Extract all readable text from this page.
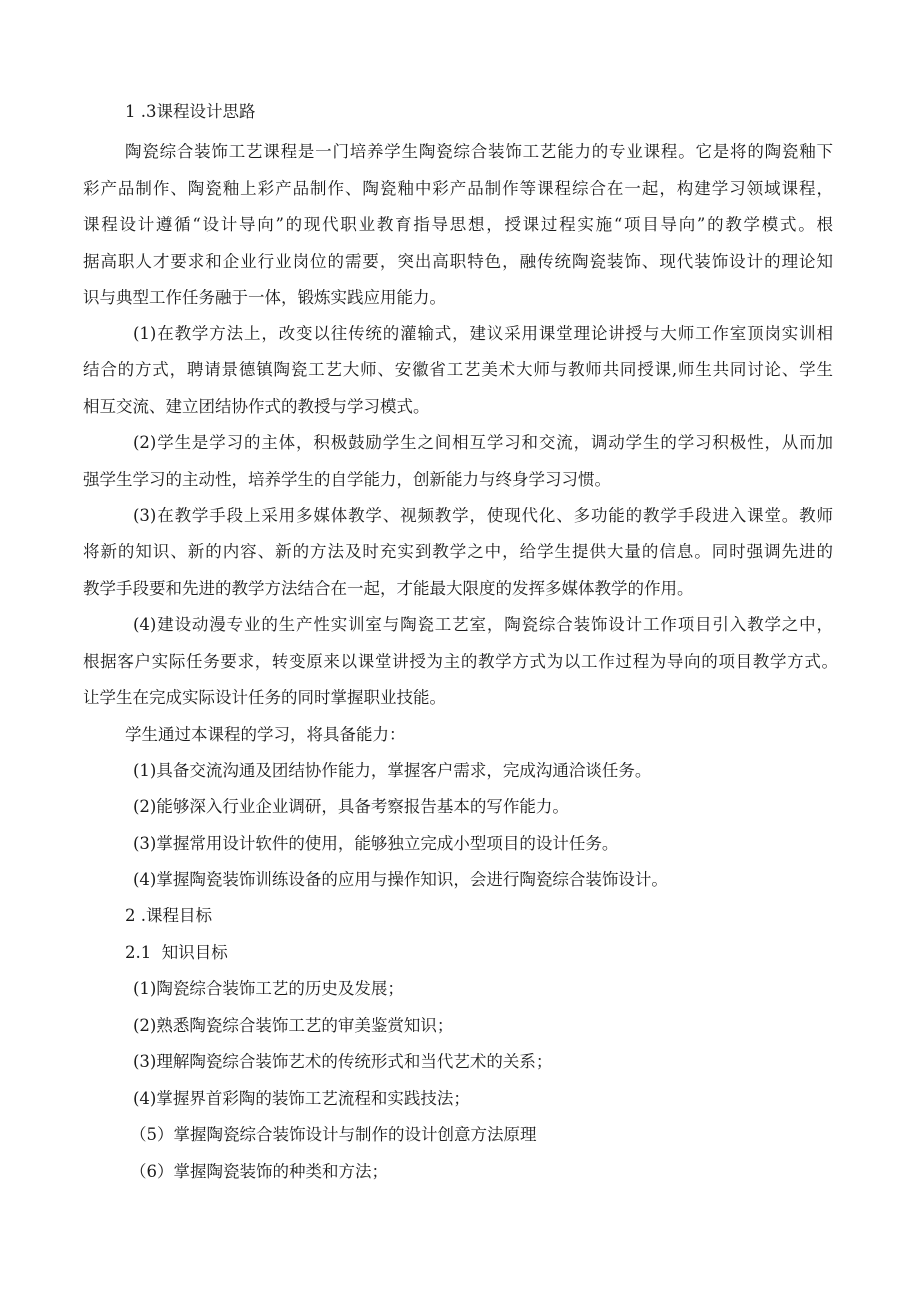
1 .3课程设计思路
陶瓷综合装饰工艺课程是一门培养学生陶瓷综合装饰工艺能力的专业课程。它是将的陶瓷釉下
彩产品制作、陶瓷釉上彩产品制作、陶瓷釉中彩产品制作等课程综合在一起，构建学习领域课程，
课程设计遵循“设计导向”的现代职业教育指导思想，授课过程实施“项目导向”的教学模式。根
据高职人才要求和企业行业岗位的需要，突出高职特色，融传统陶瓷装饰、现代装饰设计的理论知
识与典型工作任务融于一体，锻炼实践应用能力。
(1)在教学方法上，改变以往传统的灌输式，建议采用课堂理论讲授与大师工作室顶岗实训相
结合的方式，聘请景德镇陶瓷工艺大师、安徽省工艺美术大师与教师共同授课,师生共同讨论、学生
相互交流、建立团结协作式的教授与学习模式。
(2)学生是学习的主体，积极鼓励学生之间相互学习和交流，调动学生的学习积极性，从而加
强学生学习的主动性，培养学生的自学能力，创新能力与终身学习习惯。
(3)在教学手段上采用多媒体教学、视频教学，使现代化、多功能的教学手段进入课堂。教师
将新的知识、新的内容、新的方法及时充实到教学之中，给学生提供大量的信息。同时强调先进的
教学手段要和先进的教学方法结合在一起，才能最大限度的发挥多媒体教学的作用。
(4)建设动漫专业的生产性实训室与陶瓷工艺室，陶瓷综合装饰设计工作项目引入教学之中，
根据客户实际任务要求，转变原来以课堂讲授为主的教学方式为以工作过程为导向的项目教学方式。
让学生在完成实际设计任务的同时掌握职业技能。
学生通过本课程的学习，将具备能力：
(1)具备交流沟通及团结协作能力，掌握客户需求，完成沟通洽谈任务。
(2)能够深入行业企业调研，具备考察报告基本的写作能力。
(3)掌握常用设计软件的使用，能够独立完成小型项目的设计任务。
(4)掌握陶瓷装饰训练设备的应用与操作知识，会进行陶瓷综合装饰设计。
2 .课程目标
2.1  知识目标
(1)陶瓷综合装饰工艺的历史及发展；
(2)熟悉陶瓷综合装饰工艺的审美鉴赏知识；
(3)理解陶瓷综合装饰艺术的传统形式和当代艺术的关系；
(4)掌握界首彩陶的装饰工艺流程和实践技法；
（5）掌握陶瓷综合装饰设计与制作的设计创意方法原理
（6）掌握陶瓷装饰的种类和方法；
